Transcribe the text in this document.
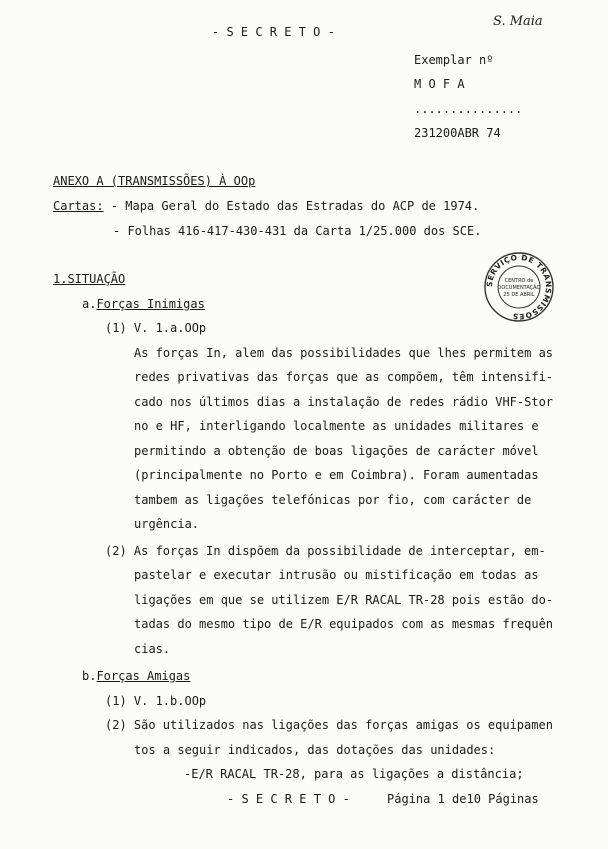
- S E C R E T O -

S. Maia

Exemplar nº

M O F A

...............

231200ABR 74

ANEXO A (TRANSMISSÕES) À OOp

Cartas: - Mapa Geral do Estado das Estradas do ACP de 1974.

- Folhas 416-417-430-431 da Carta 1/25.000 dos SCE.

SERVIÇO DE TRANSMISSÕES
CENTRO de
DOCUMENTAÇÃO
25 DE ABRIL

1.SITUAÇÃO

a.Forças Inimigas

(1) V. 1.a.OOp

As forças In, alem das possibilidades que lhes permitem as

redes privativas das forças que as compõem, têm intensifi-

cado nos últimos dias a instalação de redes rádio VHF-Stor

no e HF, interligando localmente as unidades militares e

permitindo a obtenção de boas ligações de carácter móvel

(principalmente no Porto e em Coimbra). Foram aumentadas

tambem as ligações telefónicas por fio, com carácter de

urgência.

(2) As forças In dispõem da possibilidade de interceptar, em-

pastelar e executar intrusão ou mistificação em todas as

ligações em que se utilizem E/R RACAL TR-28 pois estão do-

tadas do mesmo tipo de E/R equipados com as mesmas frequên

cias.

b.Forças Amigas

(1) V. 1.b.OOp

(2) São utilizados nas ligações das forças amigas os equipamen

tos a seguir indicados, das dotações das unidades:

-E/R RACAL TR-28, para as ligações a distância;

- S E C R E T O -	Página 1 de10 Páginas
